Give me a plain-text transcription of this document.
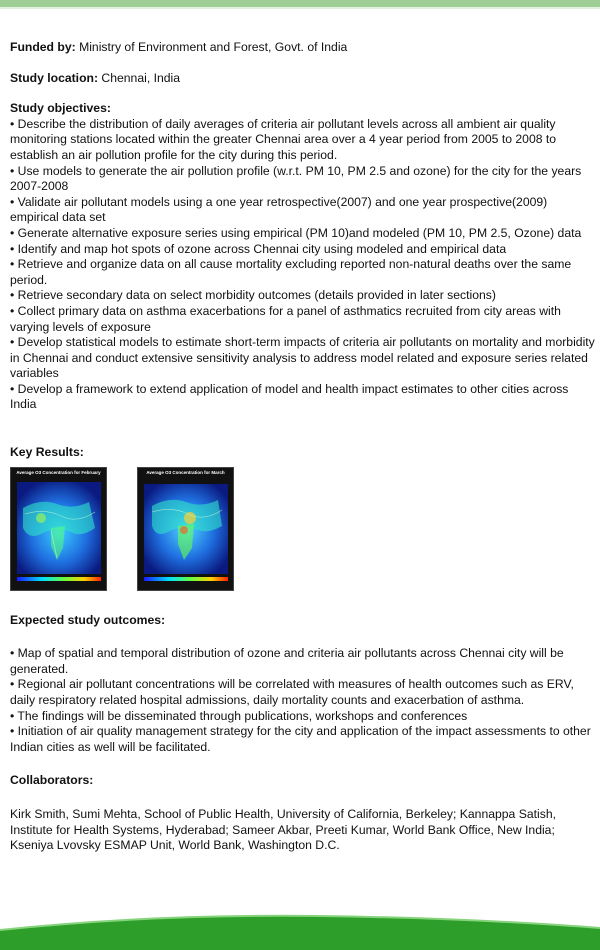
Funded by: Ministry of Environment and Forest, Govt. of India

Study location: Chennai, India

Study objectives:

• Describe the distribution of daily averages of criteria air pollutant levels across all ambient air quality monitoring stations located within the greater Chennai area over a 4 year period from 2005 to 2008 to establish an air pollution profile for the city during this period.
• Use models to generate the air pollution profile (w.r.t. PM 10, PM 2.5 and ozone) for the city for the years 2007-2008
• Validate air pollutant models using a one year retrospective(2007) and one year prospective(2009) empirical data set
• Generate alternative exposure series using empirical (PM 10)and modeled (PM 10, PM 2.5, Ozone) data
• Identify and map hot spots of ozone across Chennai city using modeled and empirical data
• Retrieve and organize data on all cause mortality excluding reported non-natural deaths over the same period.
• Retrieve secondary data on select morbidity outcomes (details provided in later sections)
• Collect primary data on asthma exacerbations for a panel of asthmatics recruited from city areas with varying levels of exposure
• Develop statistical models to estimate short-term impacts of criteria air pollutants on mortality and morbidity in Chennai and conduct extensive sensitivity analysis to address model related and exposure series related variables
• Develop a framework to extend application of model and health impact estimates to other cities across India

Key Results:

Average O3 Concentration for February	Average O3 Concentration for March

Expected study outcomes:

• Map of spatial and temporal distribution of ozone and criteria air pollutants across Chennai city will be generated.
• Regional air pollutant concentrations will be correlated with measures of health outcomes such as ERV, daily respiratory related hospital admissions, daily mortality counts and exacerbation of asthma.
• The findings will be disseminated through publications, workshops and conferences
• Initiation of air quality management strategy for the city and application of the impact assessments to other Indian cities as well will be facilitated.

Collaborators:

Kirk Smith, Sumi Mehta, School of Public Health, University of California, Berkeley; Kannappa Satish, Institute for Health Systems, Hyderabad; Sameer Akbar, Preeti Kumar, World Bank Office, New India; Kseniya Lvovsky ESMAP Unit, World Bank, Washington D.C.
